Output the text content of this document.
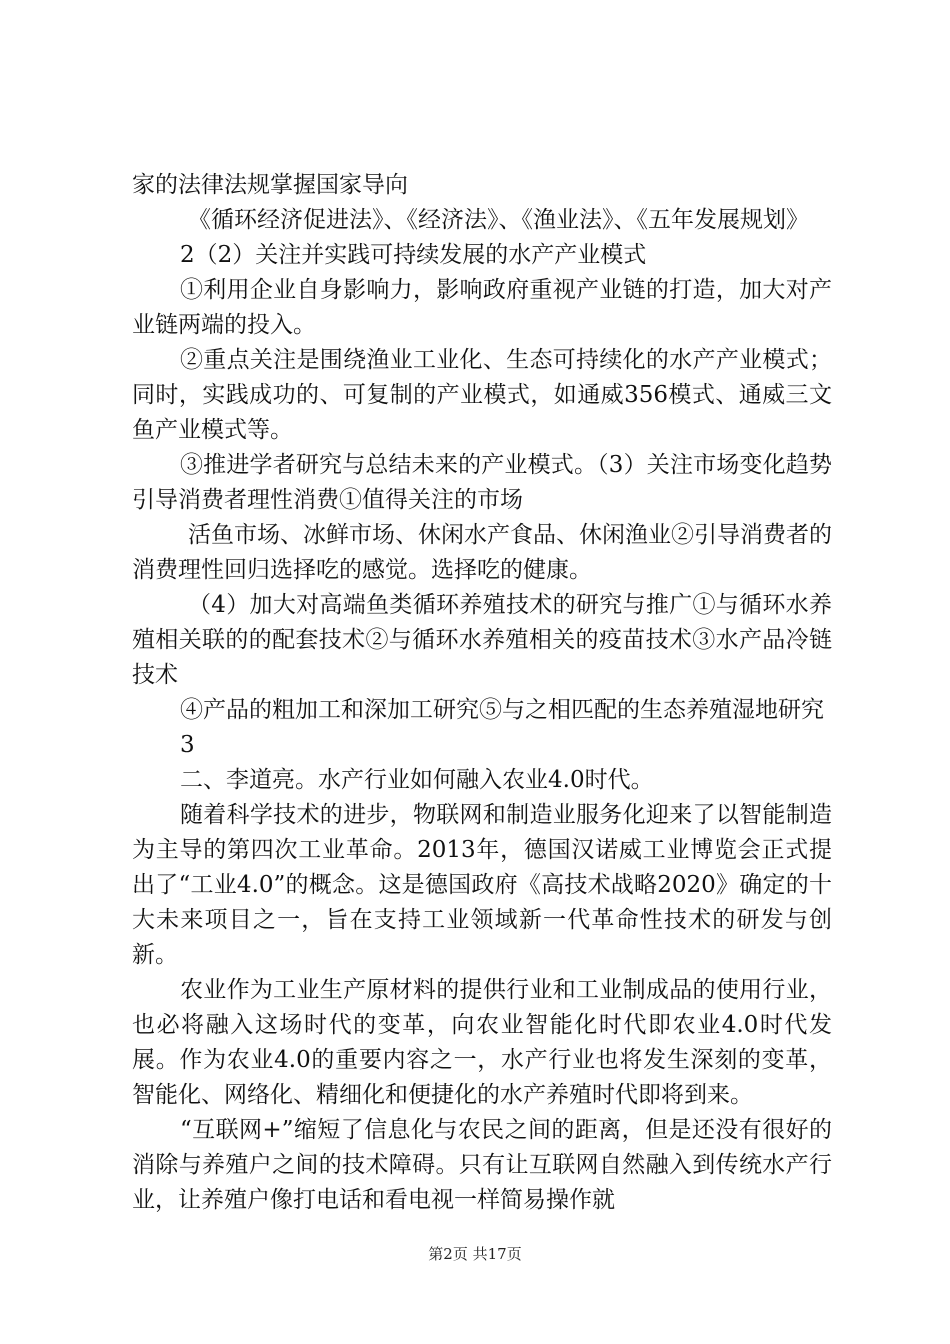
家的法律法规掌握国家导向

《循环经济促进法》、《经济法》、《渔业法》、《五年发展规划》

2（2）关注并实践可持续发展的水产产业模式

①利用企业自身影响力，影响政府重视产业链的打造，加大对产业链两端的投入。

②重点关注是围绕渔业工业化、生态可持续化的水产产业模式；同时，实践成功的、可复制的产业模式，如通威356模式、通威三文鱼产业模式等。

③推进学者研究与总结未来的产业模式。（3）关注市场变化趋势引导消费者理性消费①值得关注的市场

活鱼市场、冰鲜市场、休闲水产食品、休闲渔业②引导消费者的消费理性回归选择吃的感觉。选择吃的健康。

（4）加大对高端鱼类循环养殖技术的研究与推广①与循环水养殖相关联的的配套技术②与循环水养殖相关的疫苗技术③水产品冷链技术

④产品的粗加工和深加工研究⑤与之相匹配的生态养殖湿地研究

3

二、李道亮。水产行业如何融入农业4.0时代。

随着科学技术的进步，物联网和制造业服务化迎来了以智能制造为主导的第四次工业革命。2013年，德国汉诺威工业博览会正式提出了“工业4.0”的概念。这是德国政府《高技术战略2020》确定的十大未来项目之一，旨在支持工业领域新一代革命性技术的研发与创新。

农业作为工业生产原材料的提供行业和工业制成品的使用行业，也必将融入这场时代的变革，向农业智能化时代即农业4.0时代发展。作为农业4.0的重要内容之一，水产行业也将发生深刻的变革，智能化、网络化、精细化和便捷化的水产养殖时代即将到来。

“互联网+”缩短了信息化与农民之间的距离，但是还没有很好的消除与养殖户之间的技术障碍。只有让互联网自然融入到传统水产行业，让养殖户像打电话和看电视一样简易操作就

第2页 共17页
